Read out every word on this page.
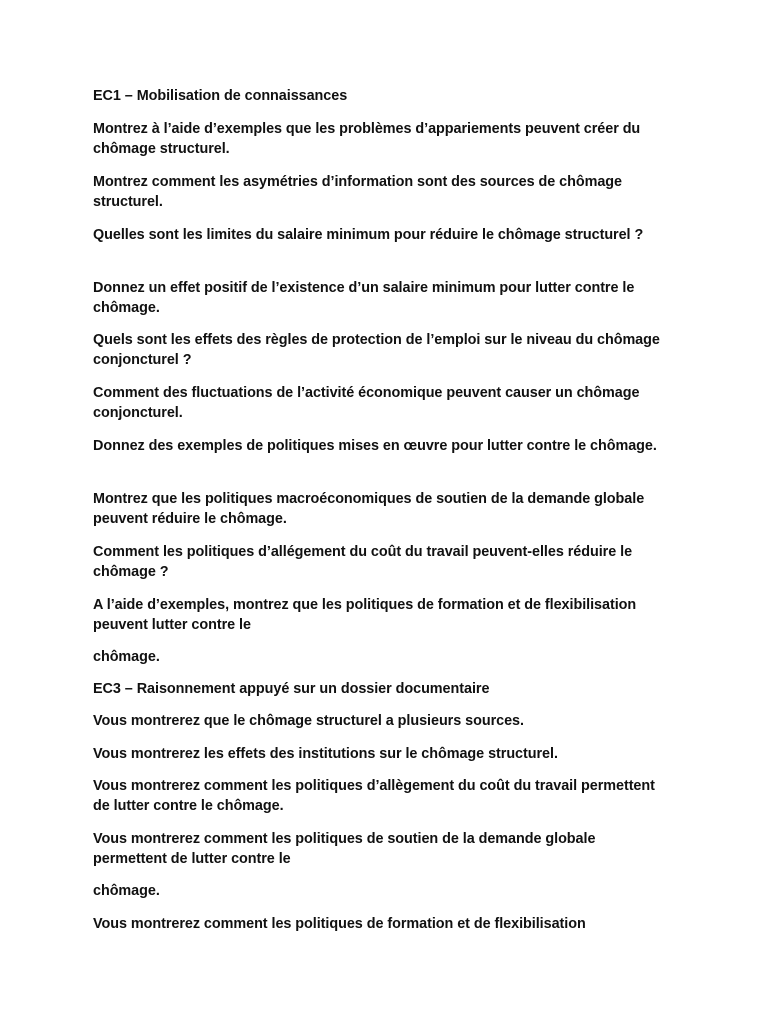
EC1 – Mobilisation de connaissances

Montrez à l’aide d’exemples que les problèmes d’appariements peuvent créer du chômage structurel.

Montrez comment les asymétries d’information sont des sources de chômage structurel.

Quelles sont les limites du salaire minimum pour réduire le chômage structurel ?

Donnez un effet positif de l’existence d’un salaire minimum pour lutter contre le chômage.

Quels sont les effets des règles de protection de l’emploi sur le niveau du chômage conjoncturel ?

Comment des fluctuations de l’activité économique peuvent causer un chômage conjoncturel.

Donnez des exemples de politiques mises en œuvre pour lutter contre le chômage.

Montrez que les politiques macroéconomiques de soutien de la demande globale peuvent réduire le chômage.

Comment les politiques d’allégement du coût du travail peuvent-elles réduire le chômage ?

A l’aide d’exemples, montrez que les politiques de formation et de flexibilisation peuvent lutter contre le

chômage.

EC3 – Raisonnement appuyé sur un dossier documentaire

Vous montrerez que le chômage structurel a plusieurs sources.

Vous montrerez les effets des institutions sur le chômage structurel.

Vous montrerez comment les politiques d’allègement du coût du travail permettent de lutter contre le chômage.

Vous montrerez comment les politiques de soutien de la demande globale permettent de lutter contre le

chômage.

Vous montrerez comment les politiques de formation et de flexibilisation
